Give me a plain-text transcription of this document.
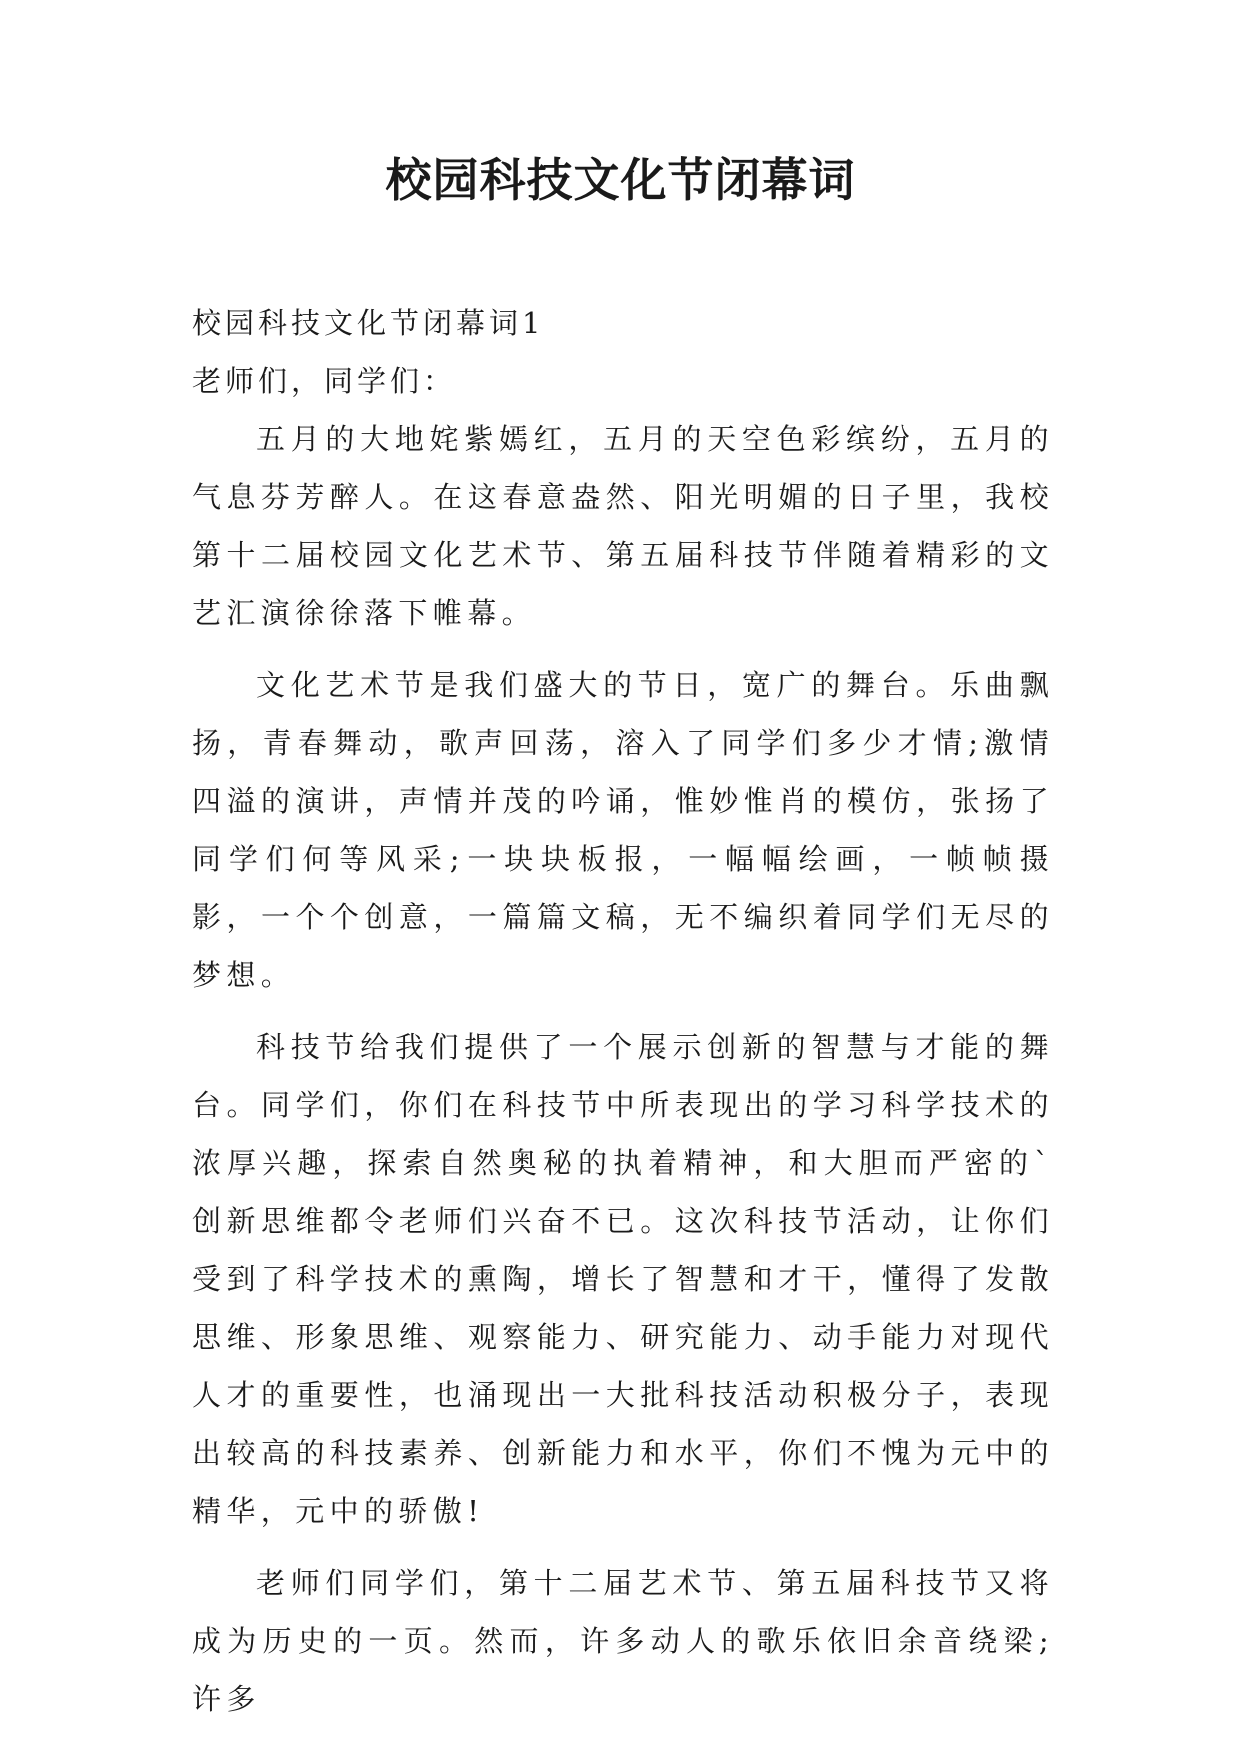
校园科技文化节闭幕词

校园科技文化节闭幕词1

老师们，同学们：

五月的大地姹紫嫣红，五月的天空色彩缤纷，五月的气息芬芳醉人。在这春意盎然、阳光明媚的日子里，我校第十二届校园文化艺术节、第五届科技节伴随着精彩的文艺汇演徐徐落下帷幕。

文化艺术节是我们盛大的节日，宽广的舞台。乐曲飘扬，青春舞动，歌声回荡，溶入了同学们多少才情;激情四溢的演讲，声情并茂的吟诵，惟妙惟肖的模仿，张扬了同学们何等风采;一块块板报，一幅幅绘画，一帧帧摄影，一个个创意，一篇篇文稿，无不编织着同学们无尽的梦想。

科技节给我们提供了一个展示创新的智慧与才能的舞台。同学们，你们在科技节中所表现出的学习科学技术的浓厚兴趣，探索自然奥秘的执着精神，和大胆而严密的`创新思维都令老师们兴奋不已。这次科技节活动，让你们受到了科学技术的熏陶，增长了智慧和才干，懂得了发散思维、形象思维、观察能力、研究能力、动手能力对现代人才的重要性，也涌现出一大批科技活动积极分子，表现出较高的科技素养、创新能力和水平，你们不愧为元中的精华，元中的骄傲!

老师们同学们，第十二届艺术节、第五届科技节又将成为历史的一页。然而，许多动人的歌乐依旧余音绕梁;许多
